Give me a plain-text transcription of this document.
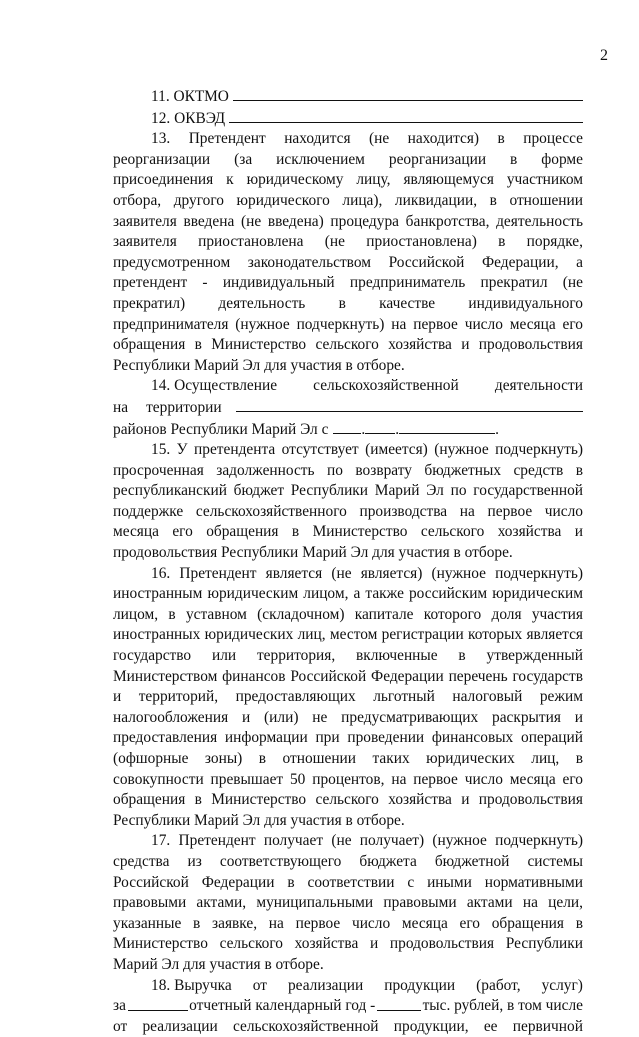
2
11. ОКТМО
12. ОКВЭД

13. Претендент находится (не находится) в процессе реорганизации (за исключением реорганизации в форме присоединения к юридическому лицу, являющемуся участником отбора, другого юридического лица), ликвидации, в отношении заявителя введена (не введена) процедура банкротства, деятельность заявителя приостановлена (не приостановлена) в порядке, предусмотренном законодательством Российской Федерации, а претендент - индивидуальный предприниматель прекратил (не прекратил) деятельность в качестве индивидуального предпринимателя (нужное подчеркнуть) на первое число месяца его обращения в Министерство сельского хозяйства и продовольствия Республики Марий Эл для участия в отборе.

14. Осуществление сельскохозяйственной деятельности
на территории
районов Республики Марий Эл с . .	.

15. У претендента отсутствует (имеется) (нужное подчеркнуть) просроченная задолженность по возврату бюджетных средств в республиканский бюджет Республики Марий Эл по государственной поддержке сельскохозяйственного производства на первое число месяца его обращения в Министерство сельского хозяйства и продовольствия Республики Марий Эл для участия в отборе.

16. Претендент является (не является) (нужное подчеркнуть) иностранным юридическим лицом, а также российским юридическим лицом, в уставном (складочном) капитале которого доля участия иностранных юридических лиц, местом регистрации которых является государство или территория, включенные в утвержденный Министерством финансов Российской Федерации перечень государств и территорий, предоставляющих льготный налоговый режим налогообложения и (или) не предусматривающих раскрытия и предоставления информации при проведении финансовых операций (офшорные зоны) в отношении таких юридических лиц, в совокупности превышает 50 процентов, на первое число месяца его обращения в Министерство сельского хозяйства и продовольствия Республики Марий Эл для участия в отборе.

17. Претендент получает (не получает) (нужное подчеркнуть) средства из соответствующего бюджета бюджетной системы Российской Федерации в соответствии с иными нормативными правовыми актами, муниципальными правовыми актами на цели, указанные в заявке, на первое число месяца его обращения в Министерство сельского хозяйства и продовольствия Республики Марий Эл для участия в отборе.

18. Выручка от реализации продукции (работ, услуг)
за	отчетный календарный год -	тыс. рублей, в том числе
от реализации сельскохозяйственной продукции, ее первичной
